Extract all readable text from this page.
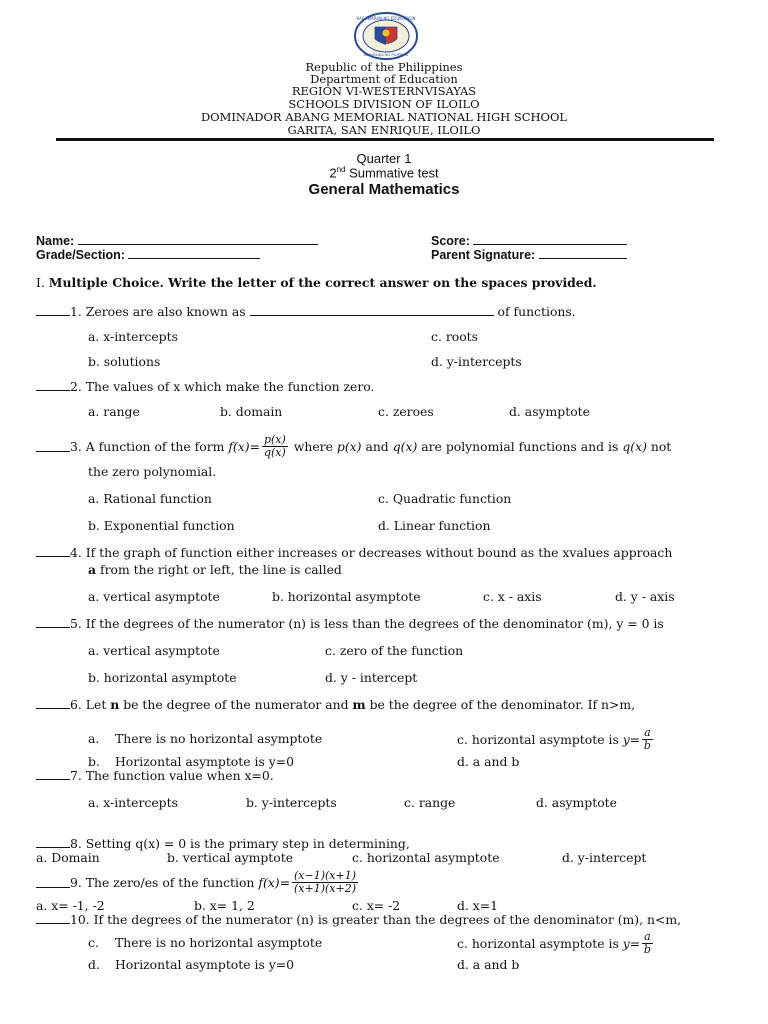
KAGAWARAN NG EDUKASYON
REPUBLIKA NG PILIPINAS
Republic of the Philippines
Department of Education
REGION VI-WESTERNVISAYAS
SCHOOLS DIVISION OF ILOILO
DOMINADOR ABANG MEMORIAL NATIONAL HIGH SCHOOL
GARITA, SAN ENRIQUE, ILOILO
Quarter 1
2nd Summative test
General Mathematics
Name:	Score:
Grade/Section:	Parent Signature:
I. Multiple Choice. Write the letter of the correct answer on the spaces provided.
1. Zeroes are also known as	of functions.
a. x-intercepts	c. roots
b. solutions	d. y-intercepts
2. The values of x which make the function zero.
a. range	b. domain	c. zeroes	d. asymptote
3. A function of the form
$f(x)= \frac{p(x)}{q(x)}$
where
p(x)
and
q(x)
are polynomial functions and is
q(x)
not
the zero polynomial.
a. Rational function	c. Quadratic function
b. Exponential function	d. Linear function
4. If the graph of function either increases or decreases without bound as the xvalues approach
a from the right or left, the line is called
a. vertical asymptote	b. horizontal asymptote	c. x - axis	d. y - axis
5. If the degrees of the numerator (n) is less than the degrees of the denominator (m), y = 0 is
a. vertical asymptote	c. zero of the function
b. horizontal asymptote	d. y - intercept
6. Let n be the degree of the numerator and m be the degree of the denominator. If n>m,
a. There is no horizontal asymptote	c. horizontal asymptote is
$y= \frac{a}{b}$
b. Horizontal asymptote is y=0	d. a and b
7. The function value when x=0.
a. x-intercepts	b. y-intercepts	c. range	d. asymptote
8. Setting q(x) = 0 is the primary step in determining,
a. Domain	b. vertical aymptote	c. horizontal asymptote	d. y-intercept
9. The zero/es of the function
$f(x)= \frac{(x-1)(x+1)}{(x+1)(x+2)}$
a. x= -1, -2	b. x= 1, 2	c. x= -2	d. x=1
10. If the degrees of the numerator (n) is greater than the degrees of the denominator (m), n<m,
c. There is no horizontal asymptote	c. horizontal asymptote is
$y= \frac{a}{b}$
d. Horizontal asymptote is y=0	d. a and b
